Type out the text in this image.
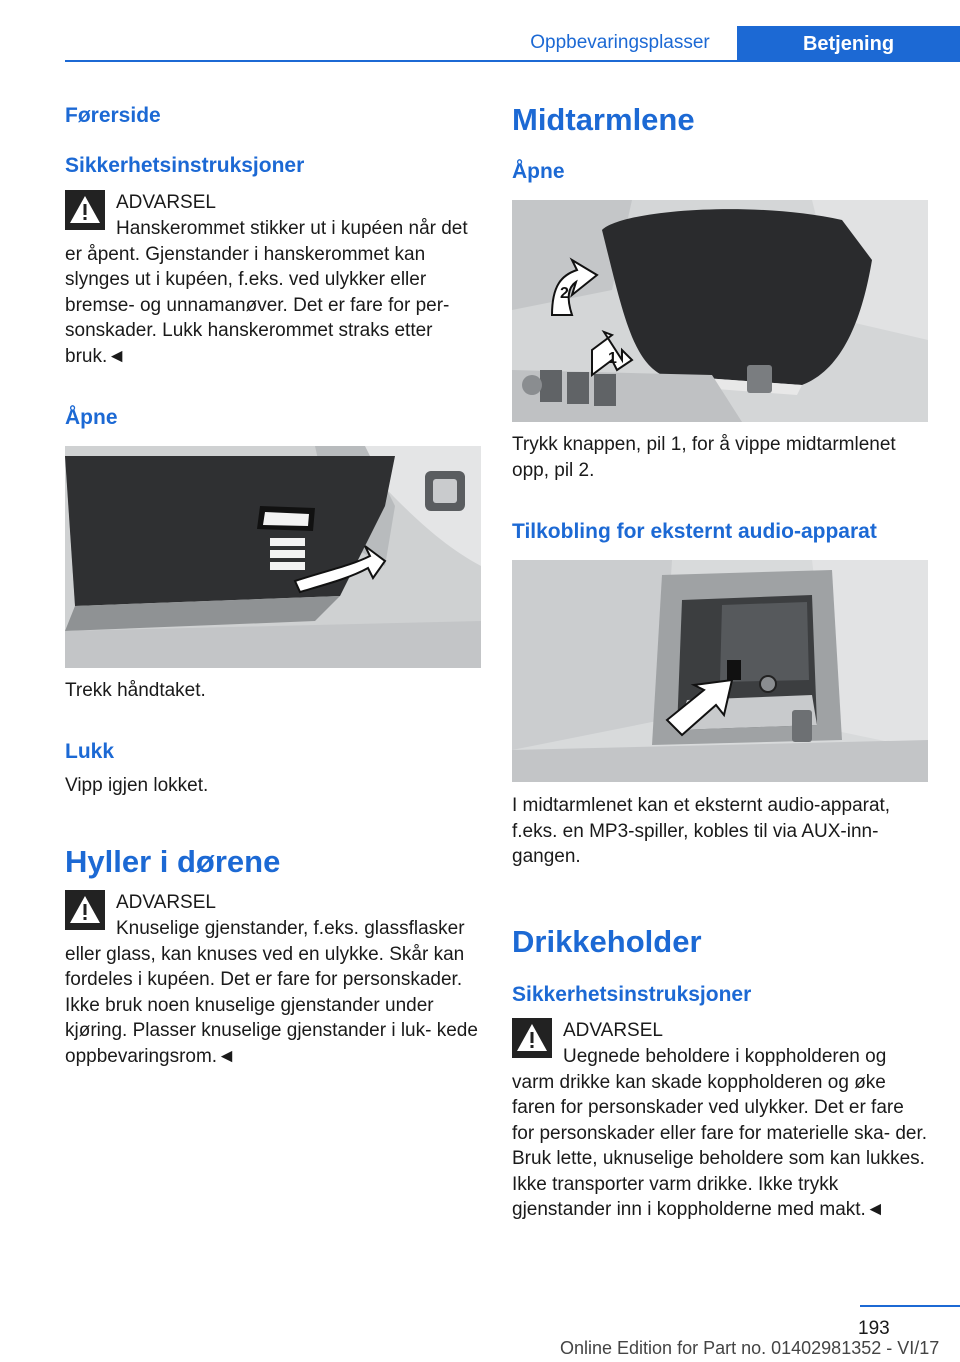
Oppbevaringsplasser	Betjening
Førerside
Sikkerhetsinstruksjoner
ADVARSEL
Hanskerommet stikker ut i kupéen når det er åpent. Gjenstander i hanskerommet kan slynges ut i kupéen, f.eks. ved ulykker eller bremse- og unnamanøver. Det er fare for per- sonskader. Lukk hanskerommet straks etter bruk.◄
Åpne

Trekk håndtaket.

Lukk

Vipp igjen lokket.

Hyller i dørene
ADVARSEL
Knuselige gjenstander, f.eks. glassflasker eller glass, kan knuses ved en ulykke. Skår kan fordeles i kupéen. Det er fare for personskader. Ikke bruk noen knuselige gjenstander under kjøring. Plasser knuselige gjenstander i luk- kede oppbevaringsrom.◄
Midtarmlene
Åpne
1
2

Trykk knappen, pil 1, for å vippe midtarmlenet opp, pil 2.

Tilkobling for eksternt audio-apparat

I midtarmlenet kan et eksternt audio-apparat, f.eks. en MP3-spiller, kobles til via AUX-inn- gangen.

Drikkeholder
Sikkerhetsinstruksjoner
ADVARSEL
Uegnede beholdere i koppholderen og varm drikke kan skade koppholderen og øke faren for personskader ved ulykker. Det er fare for personskader eller fare for materielle ska- der. Bruk lette, uknuselige beholdere som kan lukkes. Ikke transporter varm drikke. Ikke trykk gjenstander inn i koppholderne med makt.◄
193
Online Edition for Part no. 01402981352 - VI/17
